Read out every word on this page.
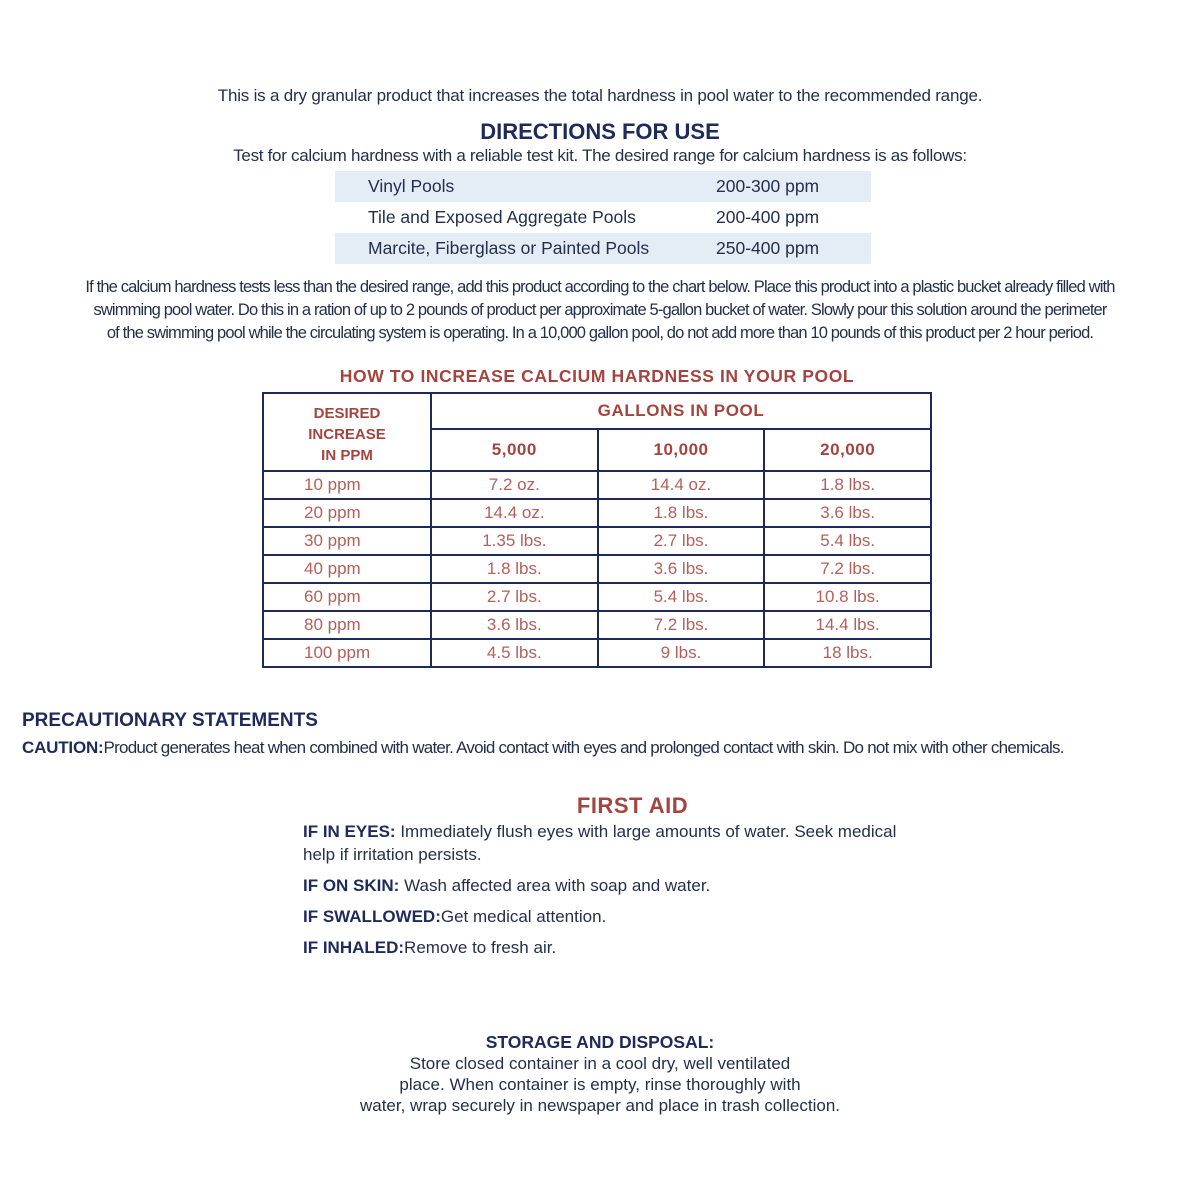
This is a dry granular product that increases the total hardness in pool water to the recommended range.
DIRECTIONS FOR USE
Test for calcium hardness with a reliable test kit. The desired range for calcium hardness is as follows:
Vinyl Pools	200-300 ppm
Tile and Exposed Aggregate Pools	200-400 ppm
Marcite, Fiberglass or Painted Pools	250-400 ppm
If the calcium hardness tests less than the desired range, add this product according to the chart below. Place this product into a plastic bucket already filled with
swimming pool water. Do this in a ration of up to 2 pounds of product per approximate 5-gallon bucket of water. Slowly pour this solution around the perimeter
of the swimming pool while the circulating system is operating. In a 10,000 gallon pool, do not add more than 10 pounds of this product per 2 hour period.
HOW TO INCREASE CALCIUM HARDNESS IN YOUR POOL
DESIRED
INCREASE
IN PPM	GALLONS IN POOL		
	5,000	10,000	20,000
10 ppm	7.2 oz.	14.4 oz.	1.8 lbs.
20 ppm	14.4 oz.	1.8 lbs.	3.6 lbs.
30 ppm	1.35 lbs.	2.7 lbs.	5.4 lbs.
40 ppm	1.8 lbs.	3.6 lbs.	7.2 lbs.
60 ppm	2.7 lbs.	5.4 lbs.	10.8 lbs.
80 ppm	3.6 lbs.	7.2 lbs.	14.4 lbs.
100 ppm	4.5 lbs.	9 lbs.	18 lbs.
PRECAUTIONARY STATEMENTS
CAUTION:Product generates heat when combined with water. Avoid contact with eyes and prolonged contact with skin. Do not mix with other chemicals.
FIRST AID
IF IN EYES: Immediately flush eyes with large amounts of water. Seek medical
help if irritation persists.
IF ON SKIN: Wash affected area with soap and water.
IF SWALLOWED:Get medical attention.
IF INHALED:Remove to fresh air.
STORAGE AND DISPOSAL:
Store closed container in a cool dry, well ventilated
place. When container is empty, rinse thoroughly with
water, wrap securely in newspaper and place in trash collection.
